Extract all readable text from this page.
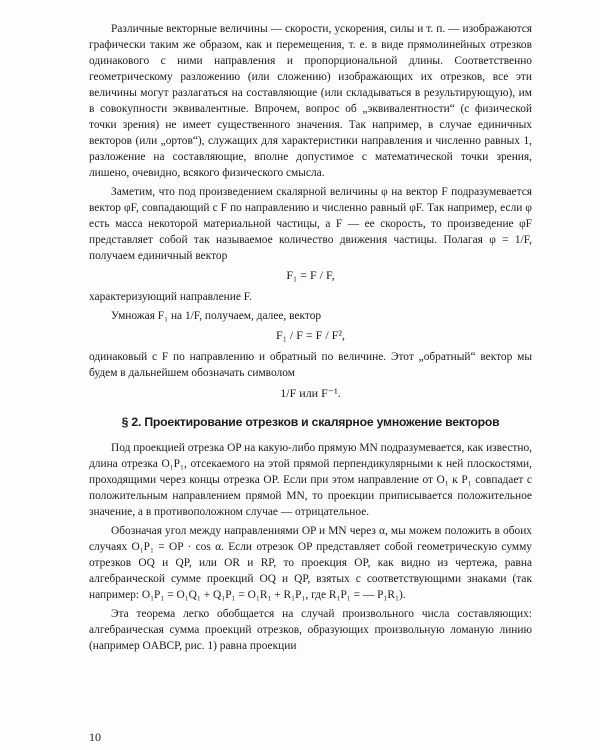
Различные векторные величины — скорости, ускорения, силы и т. п. — изображаются графически таким же образом, как и перемещения, т. е. в виде прямолинейных отрезков одинакового с ними направления и пропорциональной длины. Соответственно геометрическому разложению (или сложению) изображающих их отрезков, все эти величины могут разлагаться на составляющие (или складываться в результирующую), им в совокупности эквивалентные. Впрочем, вопрос об „эквивалентности“ (с физической точки зрения) не имеет существенного значения. Так например, в случае единичных векторов (или „ортов“), служащих для характеристики направления и численно равных 1, разложение на составляющие, вполне допустимое с математической точки зрения, лишено, очевидно, всякого физического смысла.

Заметим, что под произведением скалярной величины φ на вектор F подразумевается вектор φF, совпадающий с F по направлению и численно равный φF. Так например, если φ есть масса некоторой материальной частицы, а F — ее скорость, то произведение φF представляет собой так называемое количество движения частицы. Полагая φ = 1/F, получаем единичный вектор

F₁ = F / F,

характеризующий направление F.

Умножая F₁ на 1/F, получаем, далее, вектор

F₁ / F = F / F²,

одинаковый с F по направлению и обратный по величине. Этот „обратный“ вектор мы будем в дальнейшем обозначать символом

1/F или F⁻¹.
§ 2. Проектирование отрезков и скалярное умножение векторов

Под проекцией отрезка OP на какую-либо прямую MN подразумевается, как известно, длина отрезка O₁P₁, отсекаемого на этой прямой перпендикулярными к ней плоскостями, проходящими через концы отрезка OP. Если при этом направление от O₁ к P₁ совпадает с положительным направлением прямой MN, то проекции приписывается положительное значение, а в противоположном случае — отрицательное.

Обозначая угол между направлениями OP и MN через α, мы можем положить в обоих случаях O₁P₁ = OP · cos α. Если отрезок OP представляет собой геометрическую сумму отрезков OQ и QP, или OR и RP, то проекция OP, как видно из чертежа, равна алгебраической сумме проекций OQ и QP, взятых с соответствующими знаками (так например: O₁P₁ = O₁Q₁ + Q₁P₁ = O₁R₁ + R₁P₁, где R₁P₁ = — P₁R₁).

Эта теорема легко обобщается на случай произвольного числа составляющих: алгебраическая сумма проекций отрезков, образующих произвольную ломаную линию (например OABCP, рис. 1) равна проекции

10
